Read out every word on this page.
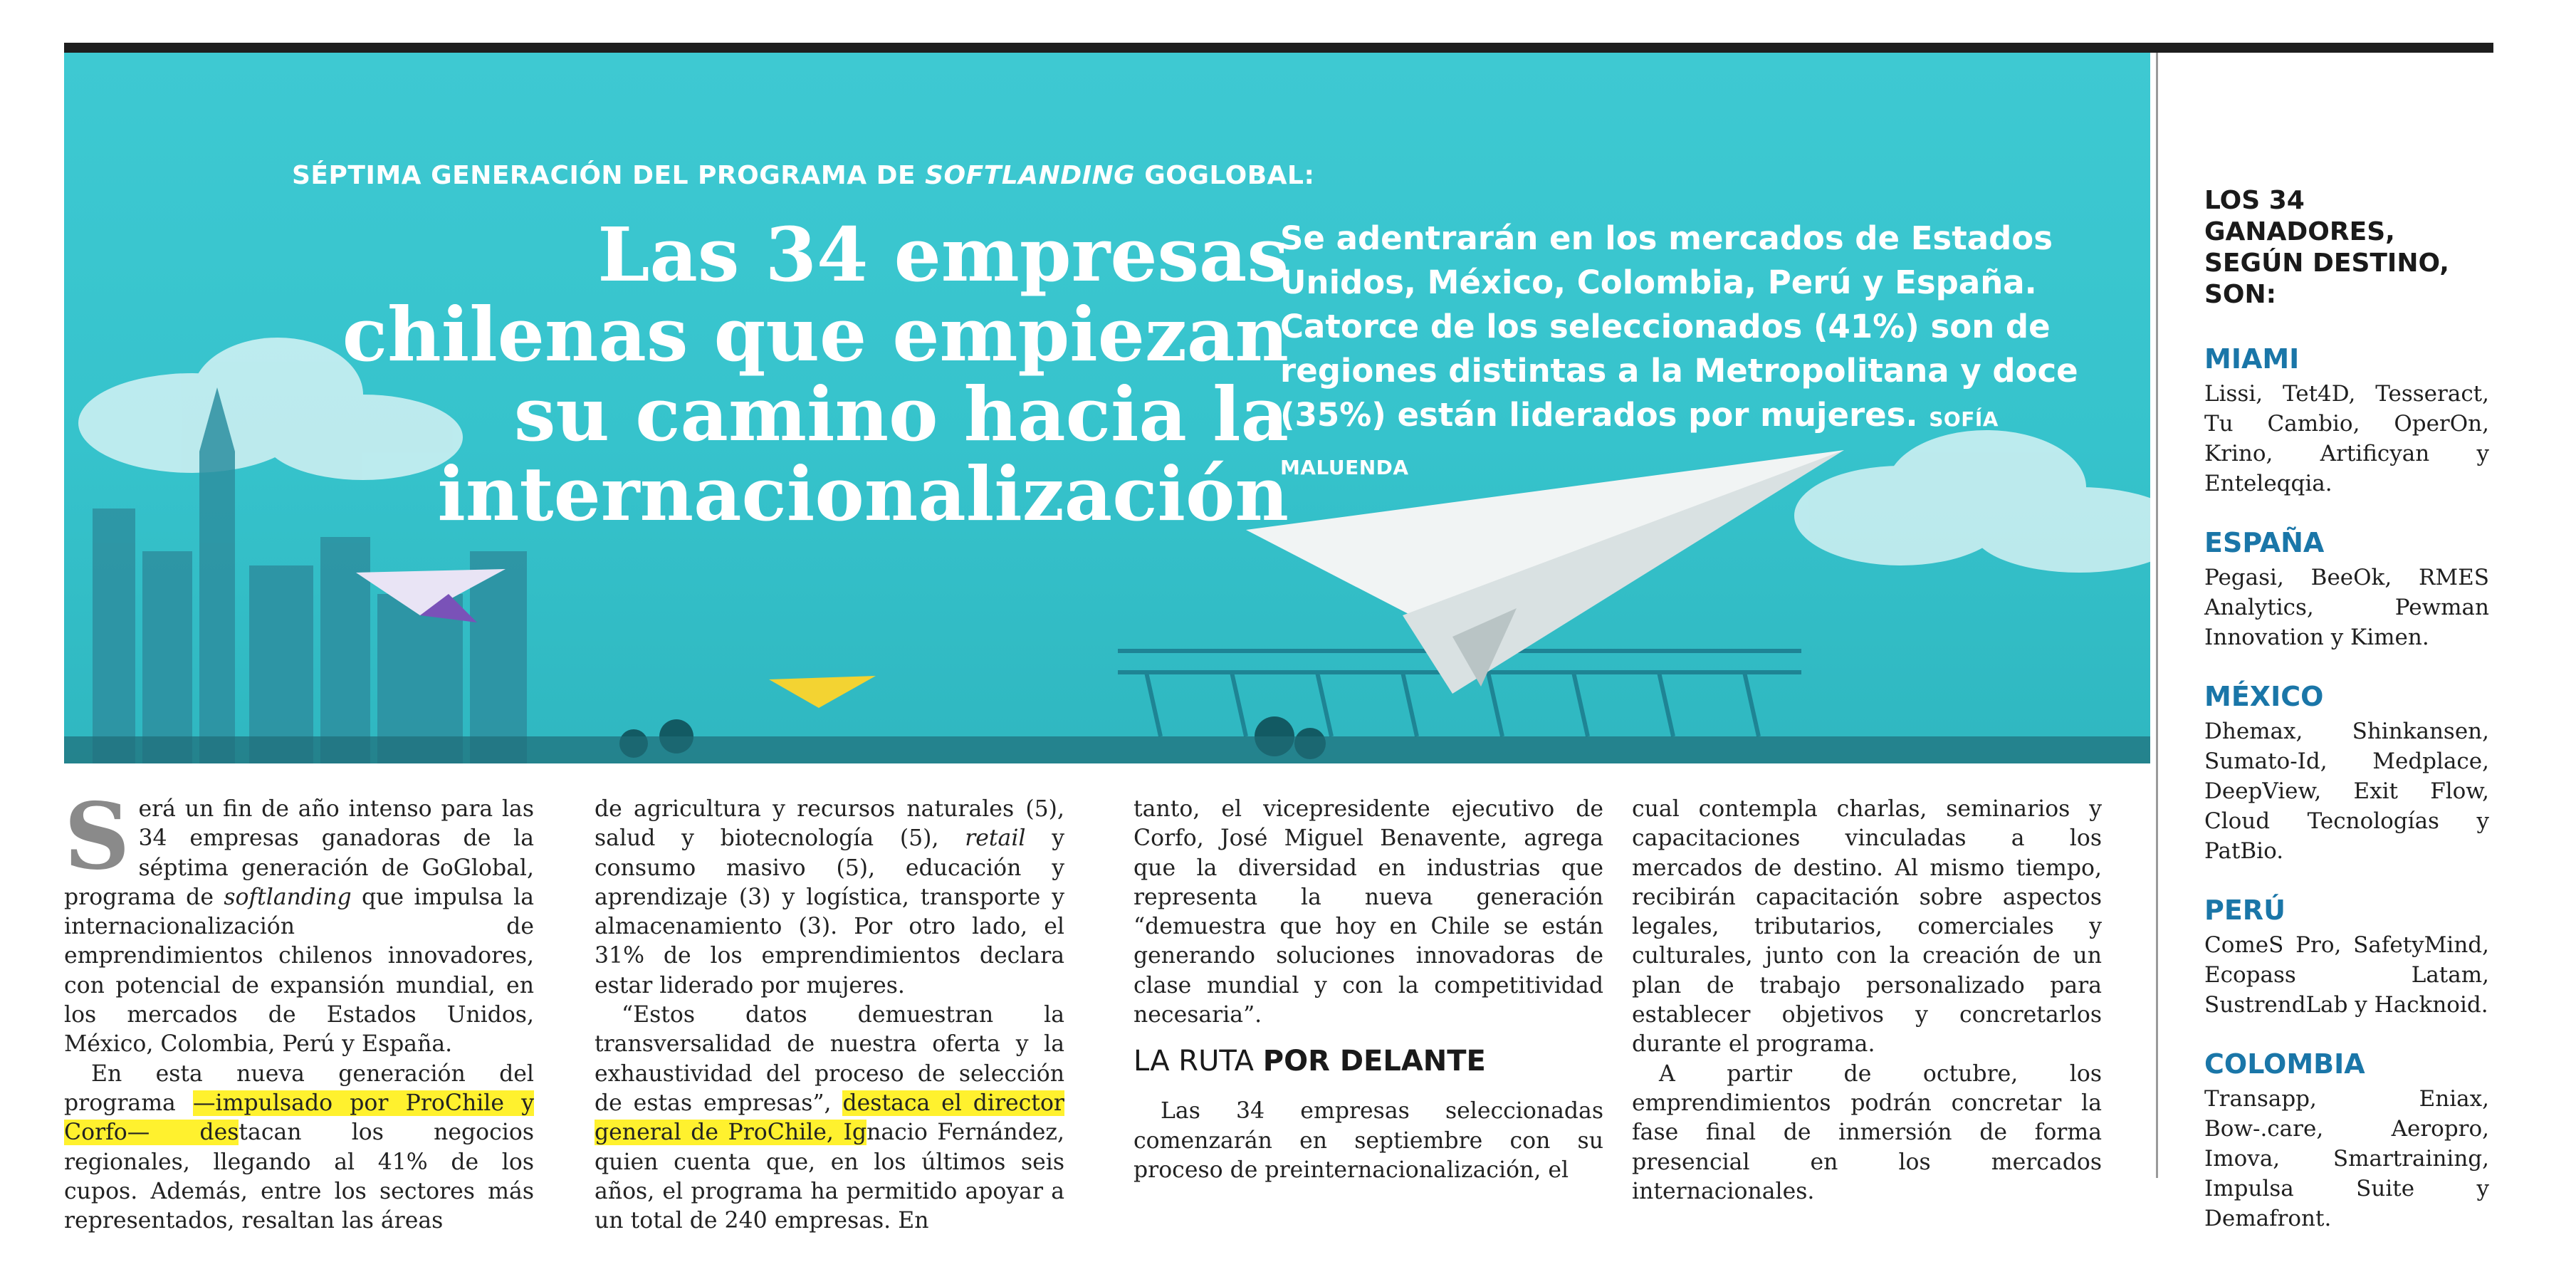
SÉPTIMA GENERACIÓN DEL PROGRAMA DE SOFTLANDING GOGLOBAL:
Las 34 empresas
chilenas que empiezan
su camino hacia la
internacionalización
Se adentrarán en los mercados de Estados Unidos, México, Colombia, Perú y España. Catorce de los seleccionados (41%) son de regiones distintas a la Metropolitana y doce (35%) están liderados por mujeres. SOFÍA MALUENDA
LOS 34 GANADORES, SEGÚN DESTINO, SON:
MIAMI
Lissi, Tet4D, Tesseract, Tu Cambio, OperOn, Krino, Artificyan y Enteleqqia.
ESPAÑA
Pegasi, BeeOk, RMES Analytics, Pewman Innovation y Kimen.
MÉXICO
Dhemax, Shinkansen, Sumato-Id, Medplace, DeepView, Exit Flow, Cloud Tecnologías y PatBio.
PERÚ
ComeS Pro, SafetyMind, Ecopass Latam, SustrendLab y Hacknoid.
COLOMBIA
Transapp, Eniax, Bow-.care, Aeropro, Imova, Smartraining, Impulsa Suite y Demafront.

S erá un fin de año intenso para las 34 empresas ganadoras de la séptima generación de GoGlobal, programa de softlanding que impulsa la internacionalización de emprendimientos chilenos innovadores, con potencial de expansión mundial, en los mercados de Estados Unidos, México, Colombia, Perú y España.

En esta nueva generación del programa —impulsado por ProChile y Corfo— destacan los negocios regionales, llegando al 41% de los cupos. Además, entre los sectores más representados, resaltan las áreas

de agricultura y recursos naturales (5), salud y biotecnología (5), retail y consumo masivo (5), educación y aprendizaje (3) y logística, transporte y almacenamiento (3). Por otro lado, el 31% de los emprendimientos declara estar liderado por mujeres.

“Estos datos demuestran la transversalidad de nuestra oferta y la exhaustividad del proceso de selección de estas empresas”, destaca el director general de ProChile, Ignacio Fernández, quien cuenta que, en los últimos seis años, el programa ha permitido apoyar a un total de 240 empresas. En

tanto, el vicepresidente ejecutivo de Corfo, José Miguel Benavente, agrega que la diversidad en industrias que representa la nueva generación “demuestra que hoy en Chile se están generando soluciones innovadoras de clase mundial y con la competitividad necesaria”.

LA RUTA POR DELANTE

Las 34 empresas seleccionadas comenzarán en septiembre con su proceso de preinternacionalización, el

cual contempla charlas, seminarios y capacitaciones vinculadas a los mercados de destino. Al mismo tiempo, recibirán capacitación sobre aspectos legales, tributarios, comerciales y culturales, junto con la creación de un plan de trabajo personalizado para establecer objetivos y concretarlos durante el programa.

A partir de octubre, los emprendimientos podrán concretar la fase final de inmersión de forma presencial en los mercados internacionales.
